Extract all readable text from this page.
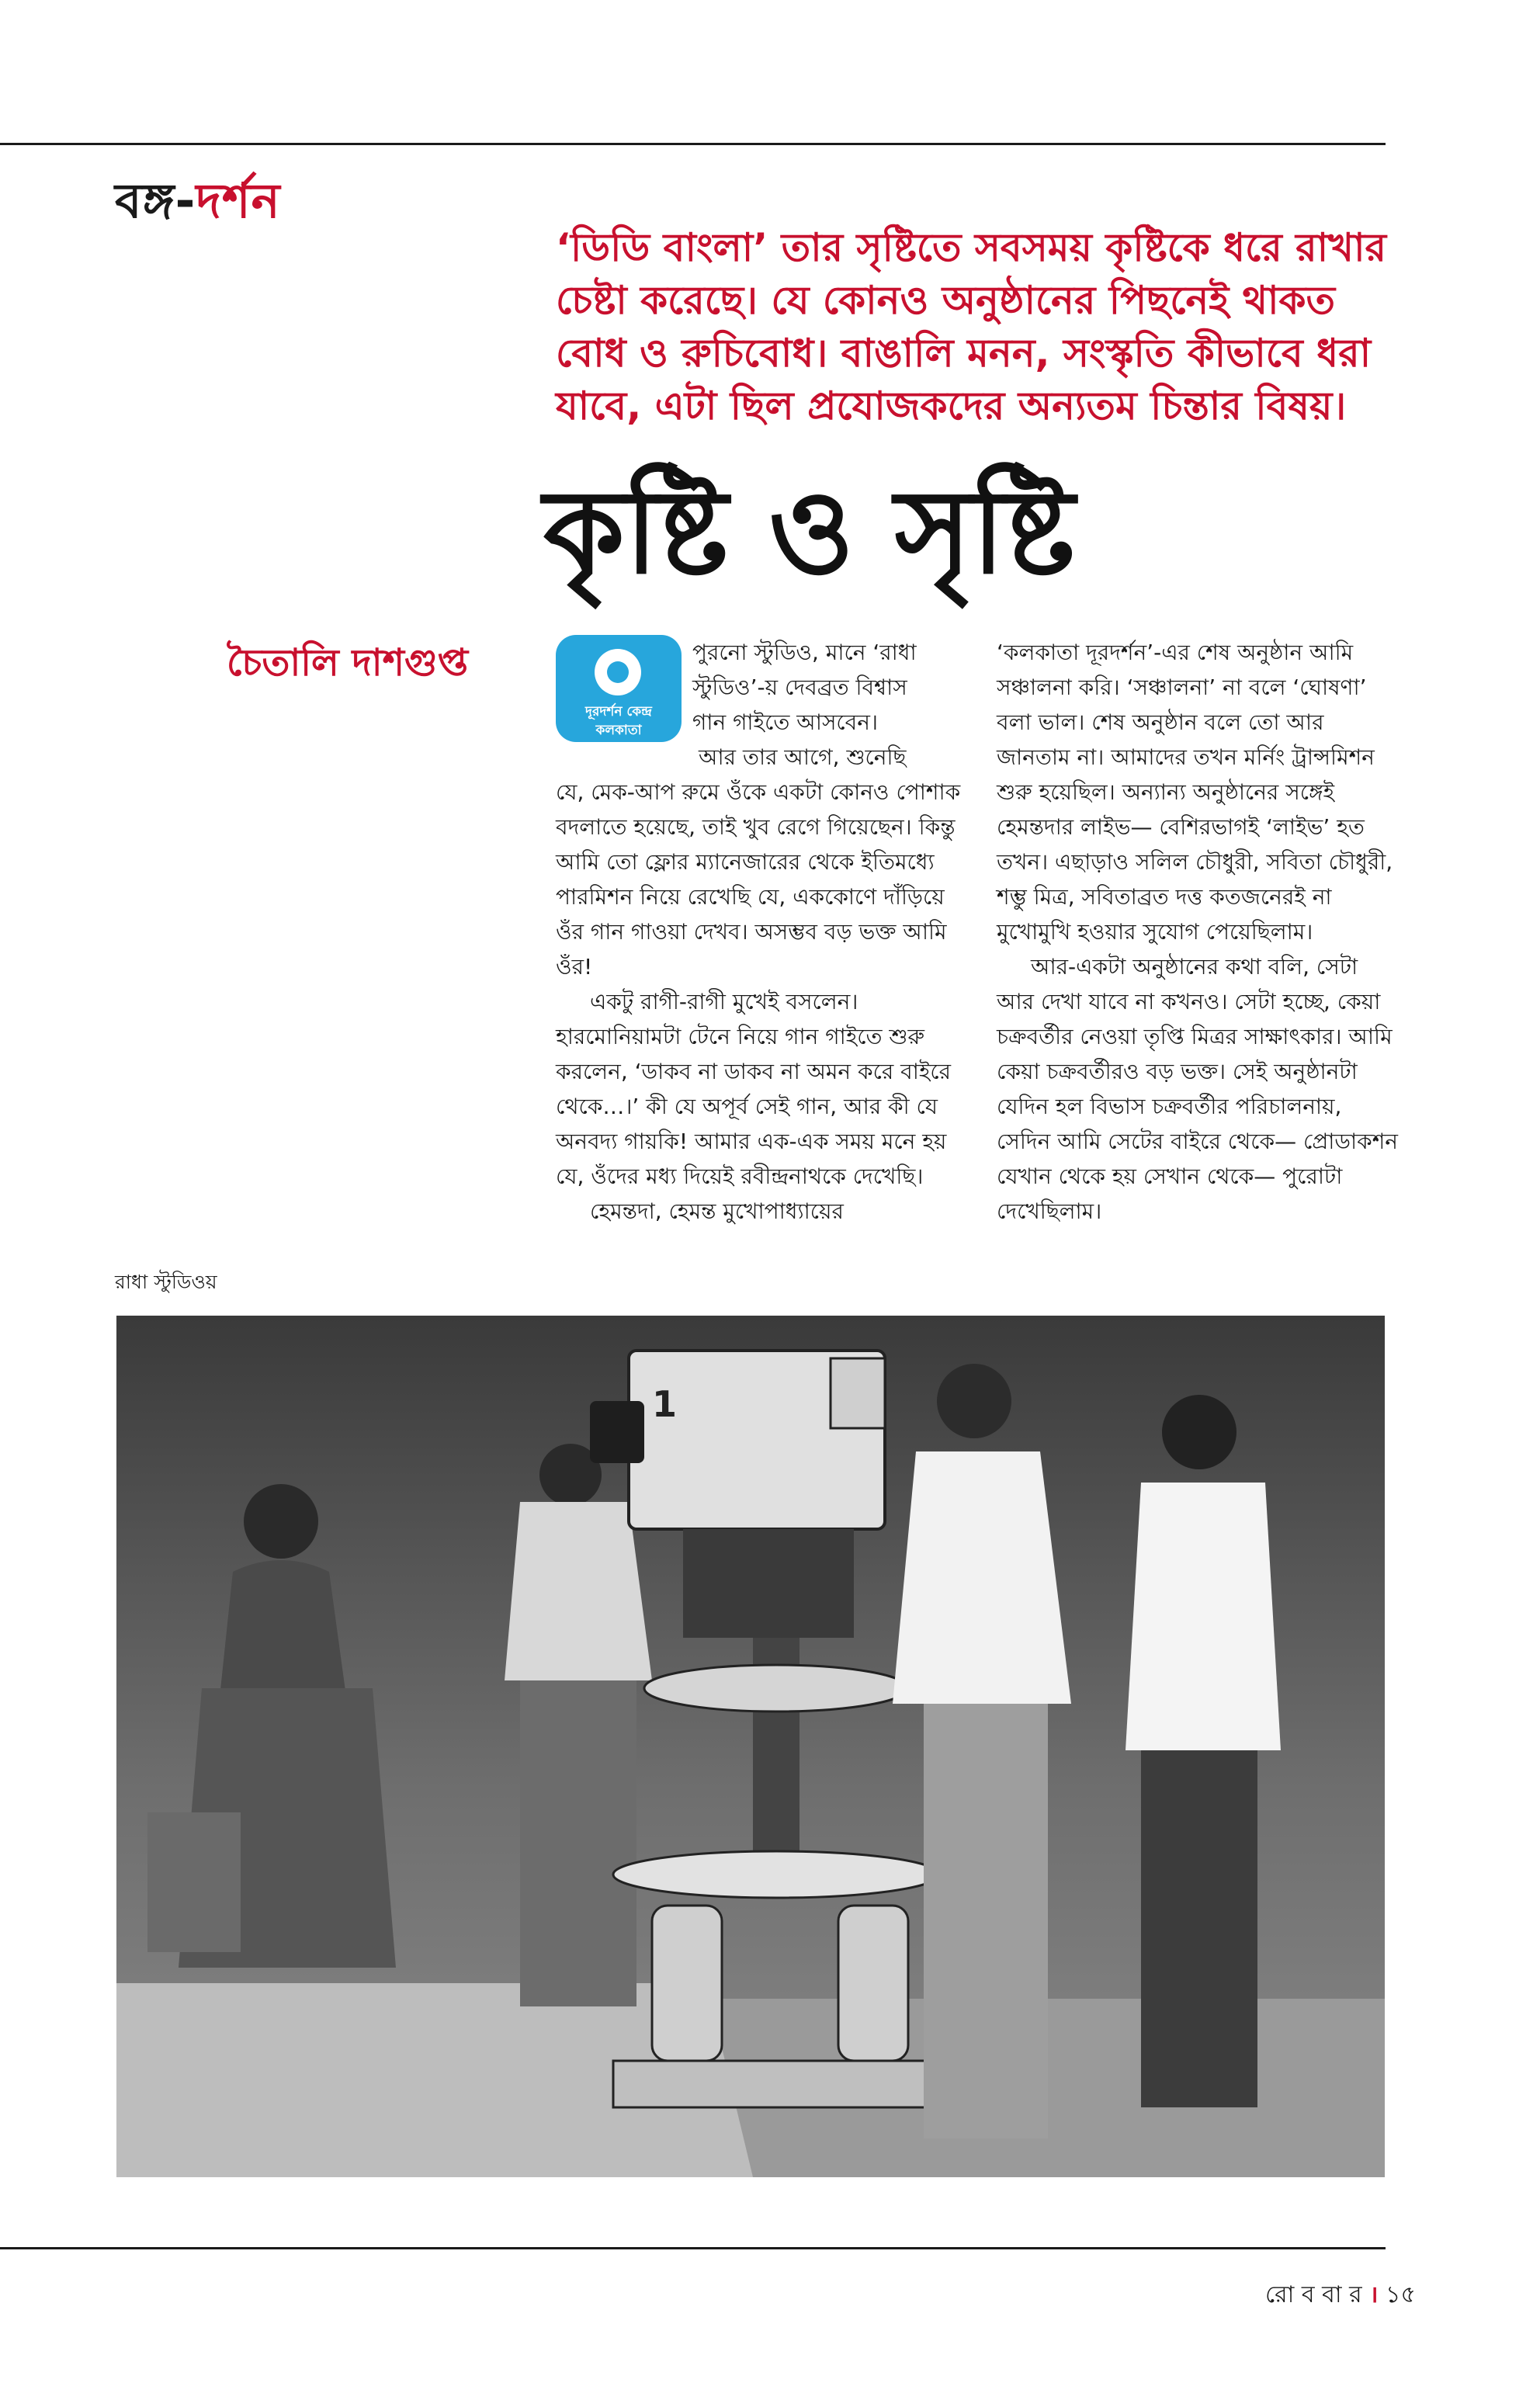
বঙ্গ-দর্শন

‘ডিডি বাংলা’ তার সৃষ্টিতে সবসময় কৃষ্টিকে ধরে রাখার চেষ্টা করেছে। যে কোনও অনুষ্ঠানের পিছনেই থাকত বোধ ও রুচিবোধ। বাঙালি মনন, সংস্কৃতি কীভাবে ধরা যাবে, এটা ছিল প্রযোজকদের অন্যতম চিন্তার বিষয়।

কৃষ্টি ও সৃষ্টি
চৈতালি দাশগুপ্ত
দূরদর্শন কেন্দ্র
কলকাতা
পুরনো স্টুডিও, মানে ‘রাধা
স্টুডিও’-য় দেবব্রত বিশ্বাস
গান গাইতে আসবেন।
আর তার আগে, শুনেছি

যে, মেক-আপ রুমে ওঁকে একটা কোনও পোশাক বদলাতে হয়েছে, তাই খুব রেগে গিয়েছেন। কিন্তু আমি তো ফ্লোর ম্যানেজারের থেকে ইতিমধ্যে পারমিশন নিয়ে রেখেছি যে, এককোণে দাঁড়িয়ে ওঁর গান গাওয়া দেখব। অসম্ভব বড় ভক্ত আমি ওঁর!

একটু রাগী-রাগী মুখেই বসলেন। হারমোনিয়ামটা টেনে নিয়ে গান গাইতে শুরু করলেন, ‘ডাকব না ডাকব না অমন করে বাইরে থেকে…।’ কী যে অপূর্ব সেই গান, আর কী যে অনবদ্য গায়কি! আমার এক-এক সময় মনে হয় যে, ওঁদের মধ্য দিয়েই রবীন্দ্রনাথকে দেখেছি।

হেমন্তদা, হেমন্ত মুখোপাধ্যায়ের

‘কলকাতা দূরদর্শন’-এর শেষ অনুষ্ঠান আমি সঞ্চালনা করি। ‘সঞ্চালনা’ না বলে ‘ঘোষণা’ বলা ভাল। শেষ অনুষ্ঠান বলে তো আর জানতাম না। আমাদের তখন মর্নিং ট্রান্সমিশন শুরু হয়েছিল। অন্যান্য অনুষ্ঠানের সঙ্গেই হেমন্তদার লাইভ— বেশিরভাগই ‘লাইভ’ হত তখন। এছাড়াও সলিল চৌধুরী, সবিতা চৌধুরী, শম্ভু মিত্র, সবিতাব্রত দত্ত কতজনেরই না মুখোমুখি হওয়ার সুযোগ পেয়েছিলাম।

আর-একটা অনুষ্ঠানের কথা বলি, সেটা আর দেখা যাবে না কখনও। সেটা হচ্ছে, কেয়া চক্রবর্তীর নেওয়া তৃপ্তি মিত্রর সাক্ষাৎকার। আমি কেয়া চক্রবর্তীরও বড় ভক্ত। সেই অনুষ্ঠানটা যেদিন হল বিভাস চক্রবর্তীর পরিচালনায়, সেদিন আমি সেটের বাইরে থেকে— প্রোডাকশন যেখান থেকে হয় সেখান থেকে— পুরোটা দেখেছিলাম।

রাধা স্টুডিওয়
1
রো ব বা র । ১৫
